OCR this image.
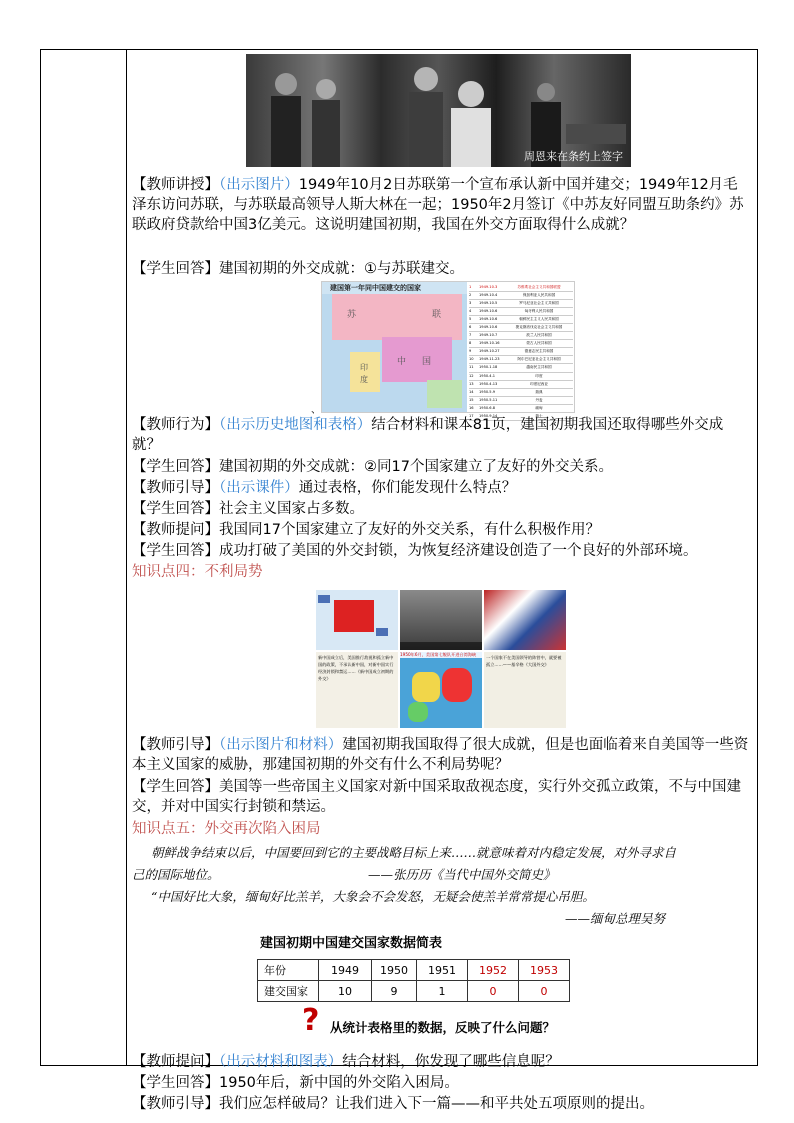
周恩来在条约上签字

【教师讲授】（出示图片）1949年10月2日苏联第一个宣布承认新中国并建交；1949年12月毛泽东访问苏联，与苏联最高领导人斯大林在一起；1950年2月签订《中苏友好同盟互助条约》苏联政府贷款给中国3亿美元。这说明建国初期，我国在外交方面取得什么成就？

【学生回答】建国初期的外交成就：①与苏联建交。

建国第一年同中国建交的国家
苏	联
中 国
印
度
1	1949.10.3	苏维埃社会主义共和国联盟
2	1949.10.4	保加利亚人民共和国
3	1949.10.5	罗马尼亚社会主义共和国
4	1949.10.6	匈牙利人民共和国
5	1949.10.6	朝鲜民主主义人民共和国
6	1949.10.6	捷克斯洛伐克社会主义共和国
7	1949.10.7	波兰人民共和国
8	1949.10.16	蒙古人民共和国
9	1949.10.27	德意志民主共和国
10	1949.11.23	阿尔巴尼亚社会主义共和国
11	1950.1.18	越南民主共和国
12	1950.4.1	印度
13	1950.4.13	印度尼西亚
14	1950.5.9	瑞典
15	1950.5.11	丹麦
16	1950.6.8	缅甸
17	1950.9.14	瑞士
、

【教师行为】（出示历史地图和表格）结合材料和课本81页，建国初期我国还取得哪些外交成就？

【学生回答】建国初期的外交成就：②同17个国家建立了友好的外交关系。

【教师引导】（出示课件）通过表格，你们能发现什么特点？

【学生回答】社会主义国家占多数。

【教师提问】我国同17个国家建立了友好的外交关系，有什么积极作用？

【学生回答】成功打破了美国的外交封锁，为恢复经济建设创造了一个良好的外部环境。

知识点四：不利局势

新中国成立后，美国推行敌视和孤立新中国的政策，不承认新中国，对新中国实行经济封锁和禁运……《新中国成立初期的外交》
1950年6月，美国第七舰队开进台湾海峡
一个国家不在美国领导的阵营中，就要被孤立……——基辛格《大国外交》

【教师引导】（出示图片和材料）建国初期我国取得了很大成就，但是也面临着来自美国等一些资本主义国家的威胁，那建国初期的外交有什么不利局势呢？

【学生回答】美国等一些帝国主义国家对新中国采取敌视态度，实行外交孤立政策，不与中国建交，并对中国实行封锁和禁运。

知识点五：外交再次陷入困局

朝鲜战争结束以后，中国要回到它的主要战略目标上来……就意味着对内稳定发展，对外寻求自
己的国际地位。	——张历历《当代中国外交简史》
“中国好比大象，缅甸好比羔羊，大象会不会发怒，无疑会使羔羊常常提心吊胆。
——缅甸总理吴努
建国初期中国建交国家数据简表
年份	1949	1950	1951	1952	1953
建交国家	10	9	1	0	0
? 从统计表格里的数据，反映了什么问题？

【教师提问】（出示材料和图表）结合材料，你发现了哪些信息呢？

【学生回答】1950年后，新中国的外交陷入困局。

【教师引导】我们应怎样破局？让我们进入下一篇——和平共处五项原则的提出。
